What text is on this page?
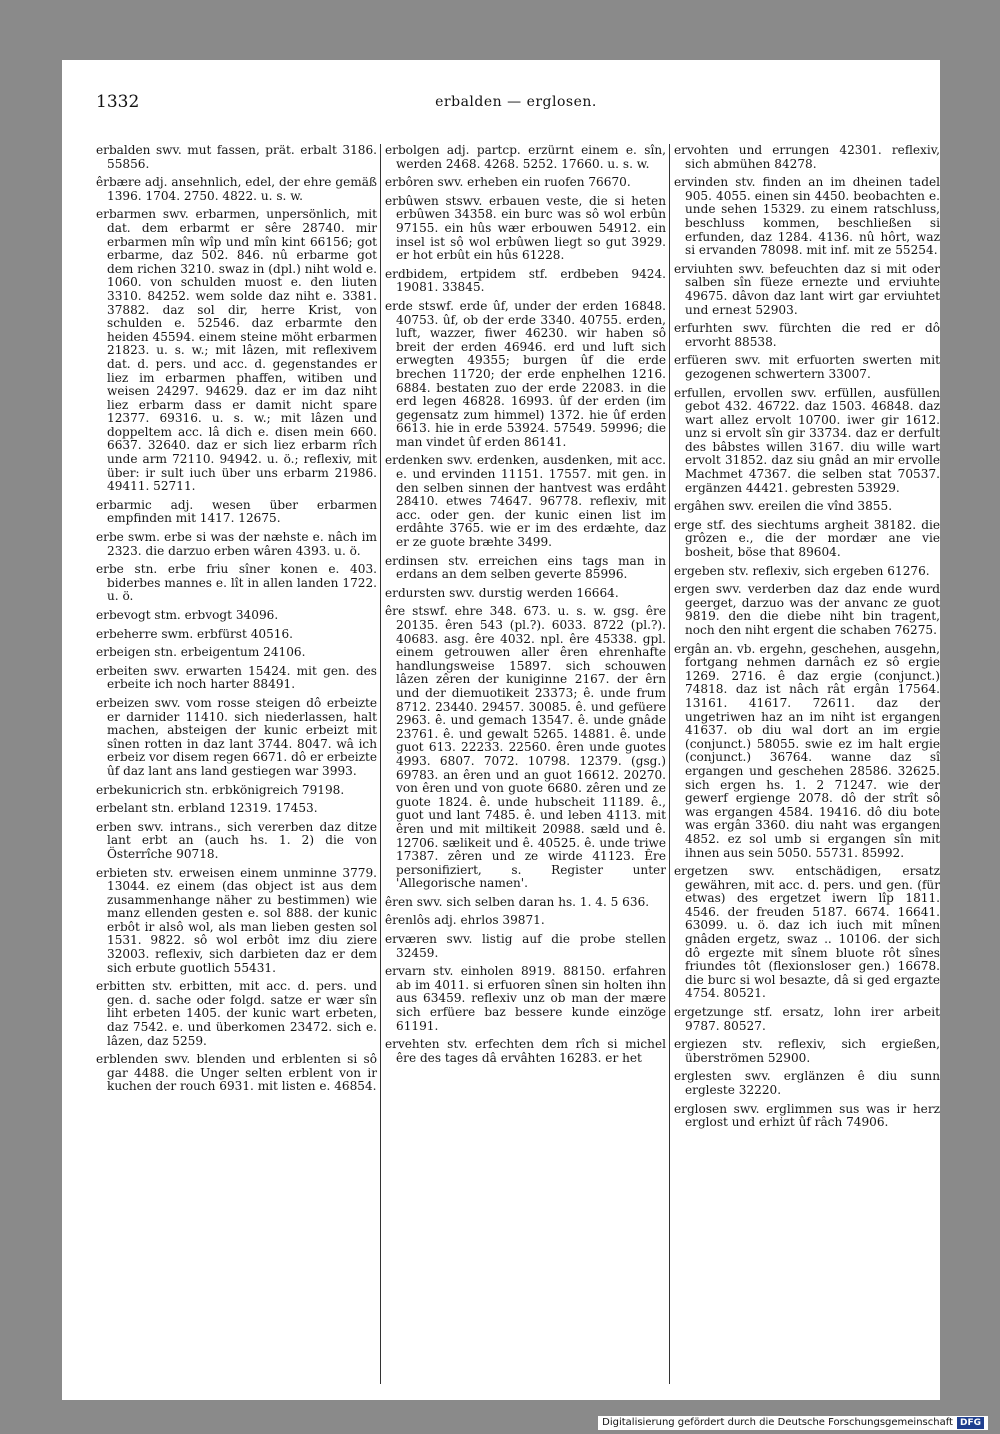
1332	erbalden — erglosen.

erbalden swv. mut fassen, prät. erbalt 3186. 55856.

êrbære adj. ansehnlich, edel, der ehre gemäß 1396. 1704. 2750. 4822. u. s. w.

erbarmen swv. erbarmen, unpersönlich, mit dat. dem erbarmt er sêre 28740. mir erbarmen mîn wîp und mîn kint 66156; got erbarme, daz 502. 846. nû erbarme got dem richen 3210. swaz in (dpl.) niht wold e. 1060. von schulden muost e. den liuten 3310. 84252. wem solde daz niht e. 3381. 37882. daz sol dir, herre Krist, von schulden e. 52546. daz erbarmte den heiden 45594. einem steine möht erbarmen 21823. u. s. w.; mit lâzen, mit reflexivem dat. d. pers. und acc. d. gegenstandes er liez im erbarmen phaffen, witiben und weisen 24297. 94629. daz er im daz niht liez erbarm dass er damit nicht spare 12377. 69316. u. s. w.; mit lâzen und doppeltem acc. lâ dich e. disen mein 660. 6637. 32640. daz er sich liez erbarm rîch unde arm 72110. 94942. u. ö.; reflexiv, mit über: ir sult iuch über uns erbarm 21986. 49411. 52711.

erbarmic adj. wesen über erbarmen empfinden mit 1417. 12675.

erbe swm. erbe si was der næhste e. nâch im 2323. die darzuo erben wâren 4393. u. ö.

erbe stn. erbe friu sîner konen e. 403. biderbes mannes e. lît in allen landen 1722. u. ö.

erbevogt stm. erbvogt 34096.

erbeherre swm. erbfürst 40516.

erbeigen stn. erbeigentum 24106.

erbeiten swv. erwarten 15424. mit gen. des erbeite ich noch harter 88491.

erbeizen swv. vom rosse steigen dô erbeizte er darnider 11410. sich niederlassen, halt machen, absteigen der kunic erbeizt mit sînen rotten in daz lant 3744. 8047. wâ ich erbeiz vor disem regen 6671. dô er erbeizte ûf daz lant ans land gestiegen war 3993.

erbekunicrich stn. erbkönigreich 79198.

erbelant stn. erbland 12319. 17453.

erben swv. intrans., sich vererben daz ditze lant erbt an (auch hs. 1. 2) die von Österrîche 90718.

erbieten stv. erweisen einem unminne 3779. 13044. ez einem (das object ist aus dem zusammenhange näher zu bestimmen) wie manz ellenden gesten e. sol 888. der kunic erbôt ir alsô wol, als man lieben gesten sol 1531. 9822. sô wol erbôt imz diu ziere 32003. reflexiv, sich darbieten daz er dem sich erbute guotlich 55431.

erbitten stv. erbitten, mit acc. d. pers. und gen. d. sache oder folgd. satze er wær sîn liht erbeten 1405. der kunic wart erbeten, daz 7542. e. und überkomen 23472. sich e. lâzen, daz 5259.

erblenden swv. blenden und erblenten si sô gar 4488. die Unger selten erblent von ir kuchen der rouch 6931. mit listen e. 46854.

erbolgen adj. partcp. erzürnt einem e. sîn, werden 2468. 4268. 5252. 17660. u. s. w.

erbôren swv. erheben ein ruofen 76670.

erbûwen stswv. erbauen veste, die si heten erbûwen 34358. ein burc was sô wol erbûn 97155. ein hûs wær erbouwen 54912. ein insel ist sô wol erbûwen liegt so gut 3929. er hot erbût ein hûs 61228.

erdbidem, ertpidem stf. erdbeben 9424. 19081. 33845.

erde stswf. erde ûf, under der erden 16848. 40753. ûf, ob der erde 3340. 40755. erden, luft, wazzer, fiwer 46230. wir haben sô breit der erden 46946. erd und luft sich erwegten 49355; burgen ûf die erde brechen 11720; der erde enphelhen 1216. 6884. bestaten zuo der erde 22083. in die erd legen 46828. 16993. ûf der erden (im gegensatz zum himmel) 1372. hie ûf erden 6613. hie in erde 53924. 57549. 59996; die man vindet ûf erden 86141.

erdenken swv. erdenken, ausdenken, mit acc. e. und ervinden 11151. 17557. mit gen. in den selben sinnen der hantvest was erdâht 28410. etwes 74647. 96778. reflexiv, mit acc. oder gen. der kunic einen list im erdâhte 3765. wie er im des erdæhte, daz er ze guote bræhte 3499.

erdinsen stv. erreichen eins tags man in erdans an dem selben geverte 85996.

erdursten swv. durstig werden 16664.

êre stswf. ehre 348. 673. u. s. w. gsg. êre 20135. êren 543 (pl.?). 6033. 8722 (pl.?). 40683. asg. êre 4032. npl. êre 45338. gpl. einem getrouwen aller êren ehrenhafte handlungsweise 15897. sich schouwen lâzen zêren der kuniginne 2167. der êrn und der diemuotikeit 23373; ê. unde frum 8712. 23440. 29457. 30085. ê. und gefüere 2963. ê. und gemach 13547. ê. unde gnâde 23761. ê. und gewalt 5265. 14881. ê. unde guot 613. 22233. 22560. êren unde guotes 4993. 6807. 7072. 10798. 12379. (gsg.) 69783. an êren und an guot 16612. 20270. von êren und von guote 6680. zêren und ze guote 1824. ê. unde hubscheit 11189. ê., guot und lant 7485. ê. und leben 4113. mit êren und mit miltikeit 20988. sæld und ê. 12706. sælikeit und ê. 40525. ê. unde triwe 17387. zêren und ze wirde 41123. Êre personifiziert, s. Register unter 'Allegorische namen'.

êren swv. sich selben daran hs. 1. 4. 5 636.

êrenlôs adj. ehrlos 39871.

erværen swv. listig auf die probe stellen 32459.

ervarn stv. einholen 8919. 88150. erfahren ab im 4011. si erfuoren sînen sin holten ihn aus 63459. reflexiv unz ob man der mære sich erfüere baz bessere kunde einzöge 61191.

ervehten stv. erfechten dem rîch si michel êre des tages dâ ervâhten 16283. er het

ervohten und errungen 42301. reflexiv, sich abmühen 84278.

ervinden stv. finden an im dheinen tadel 905. 4055. einen sin 4450. beobachten e. unde sehen 15329. zu einem ratschluss, beschluss kommen, beschließen si erfunden, daz 1284. 4136. nû hôrt, waz si ervanden 78098. mit inf. mit ze 55254.

erviuhten swv. befeuchten daz si mit oder salben sîn füeze erneztе und erviuhte 49675. dâvon daz lant wirt gar erviuhtet und erneзt 52903.

erfurhten swv. fürchten die red er dô ervorht 88538.

erfüeren swv. mit erfuorten swerten mit gezogenen schwertern 33007.

erfullen, ervollen swv. erfüllen, ausfüllen gebot 432. 46722. daz 1503. 46848. daz wart allez ervolt 10700. iwer gir 1612. unz si ervolt sîn gir 33734. daz er derfult des bâbstes willen 3167. diu wille wart ervolt 31852. daz siu gnâd an mir ervolle Machmet 47367. die selben stat 70537. ergänzen 44421. gebresten 53929.

ergâhen swv. ereilen die vînd 3855.

erge stf. des siechtums argheit 38182. die grôzen e., die der mordær ane vie bosheit, böse that 89604.

ergeben stv. reflexiv, sich ergeben 61276.

ergen swv. verderben daz daz ende wurd geerget, darzuo was der anvanc ze guot 9819. den die diebe niht bin tragent, noch den niht ergent die schaben 76275.

ergân an. vb. ergehn, geschehen, ausgehn, fortgang nehmen darnâch ez sô ergie 1269. 2716. ê daz ergie (conjunct.) 74818. daz ist nâch rât ergân 17564. 13161. 41617. 72611. daz der ungetriwen haz an im niht ist ergangen 41637. ob diu wal dort an im ergie (conjunct.) 58055. swie ez im halt ergie (conjunct.) 36764. wanne daz sî ergangen und geschehen 28586. 32625. sich ergen hs. 1. 2 71247. wie der gewerf ergienge 2078. dô der strît sô was ergangen 4584. 19416. dô diu bote was ergân 3360. diu naht was ergangen 4852. ez sol umb si ergangen sîn mit ihnen aus sein 5050. 55731. 85992.

ergetzen swv. entschädigen, ersatz gewähren, mit acc. d. pers. und gen. (für etwas) des ergetzet iwern lîp 1811. 4546. der freuden 5187. 6674. 16641. 63099. u. ö. daz ich iuch mit mînen gnâden ergetz, swaz .. 10106. der sich dô ergezte mit sînem bluote rôt sînes friundes tôt (flexionsloser gen.) 16678. die burc si wol besazte, dâ si ged ergazte 4754. 80521.

ergetzunge stf. ersatz, lohn irer arbeit 9787. 80527.

ergiezen stv. reflexiv, sich ergießen, überströmen 52900.

erglesten swv. erglänzen ê diu sunn ergleste 32220.

erglosen swv. erglimmen sus was ir herz erglost und erhizt ûf râch 74906.

Digitalisierung gefördert durch die Deutsche Forschungsgemeinschaft DFG
